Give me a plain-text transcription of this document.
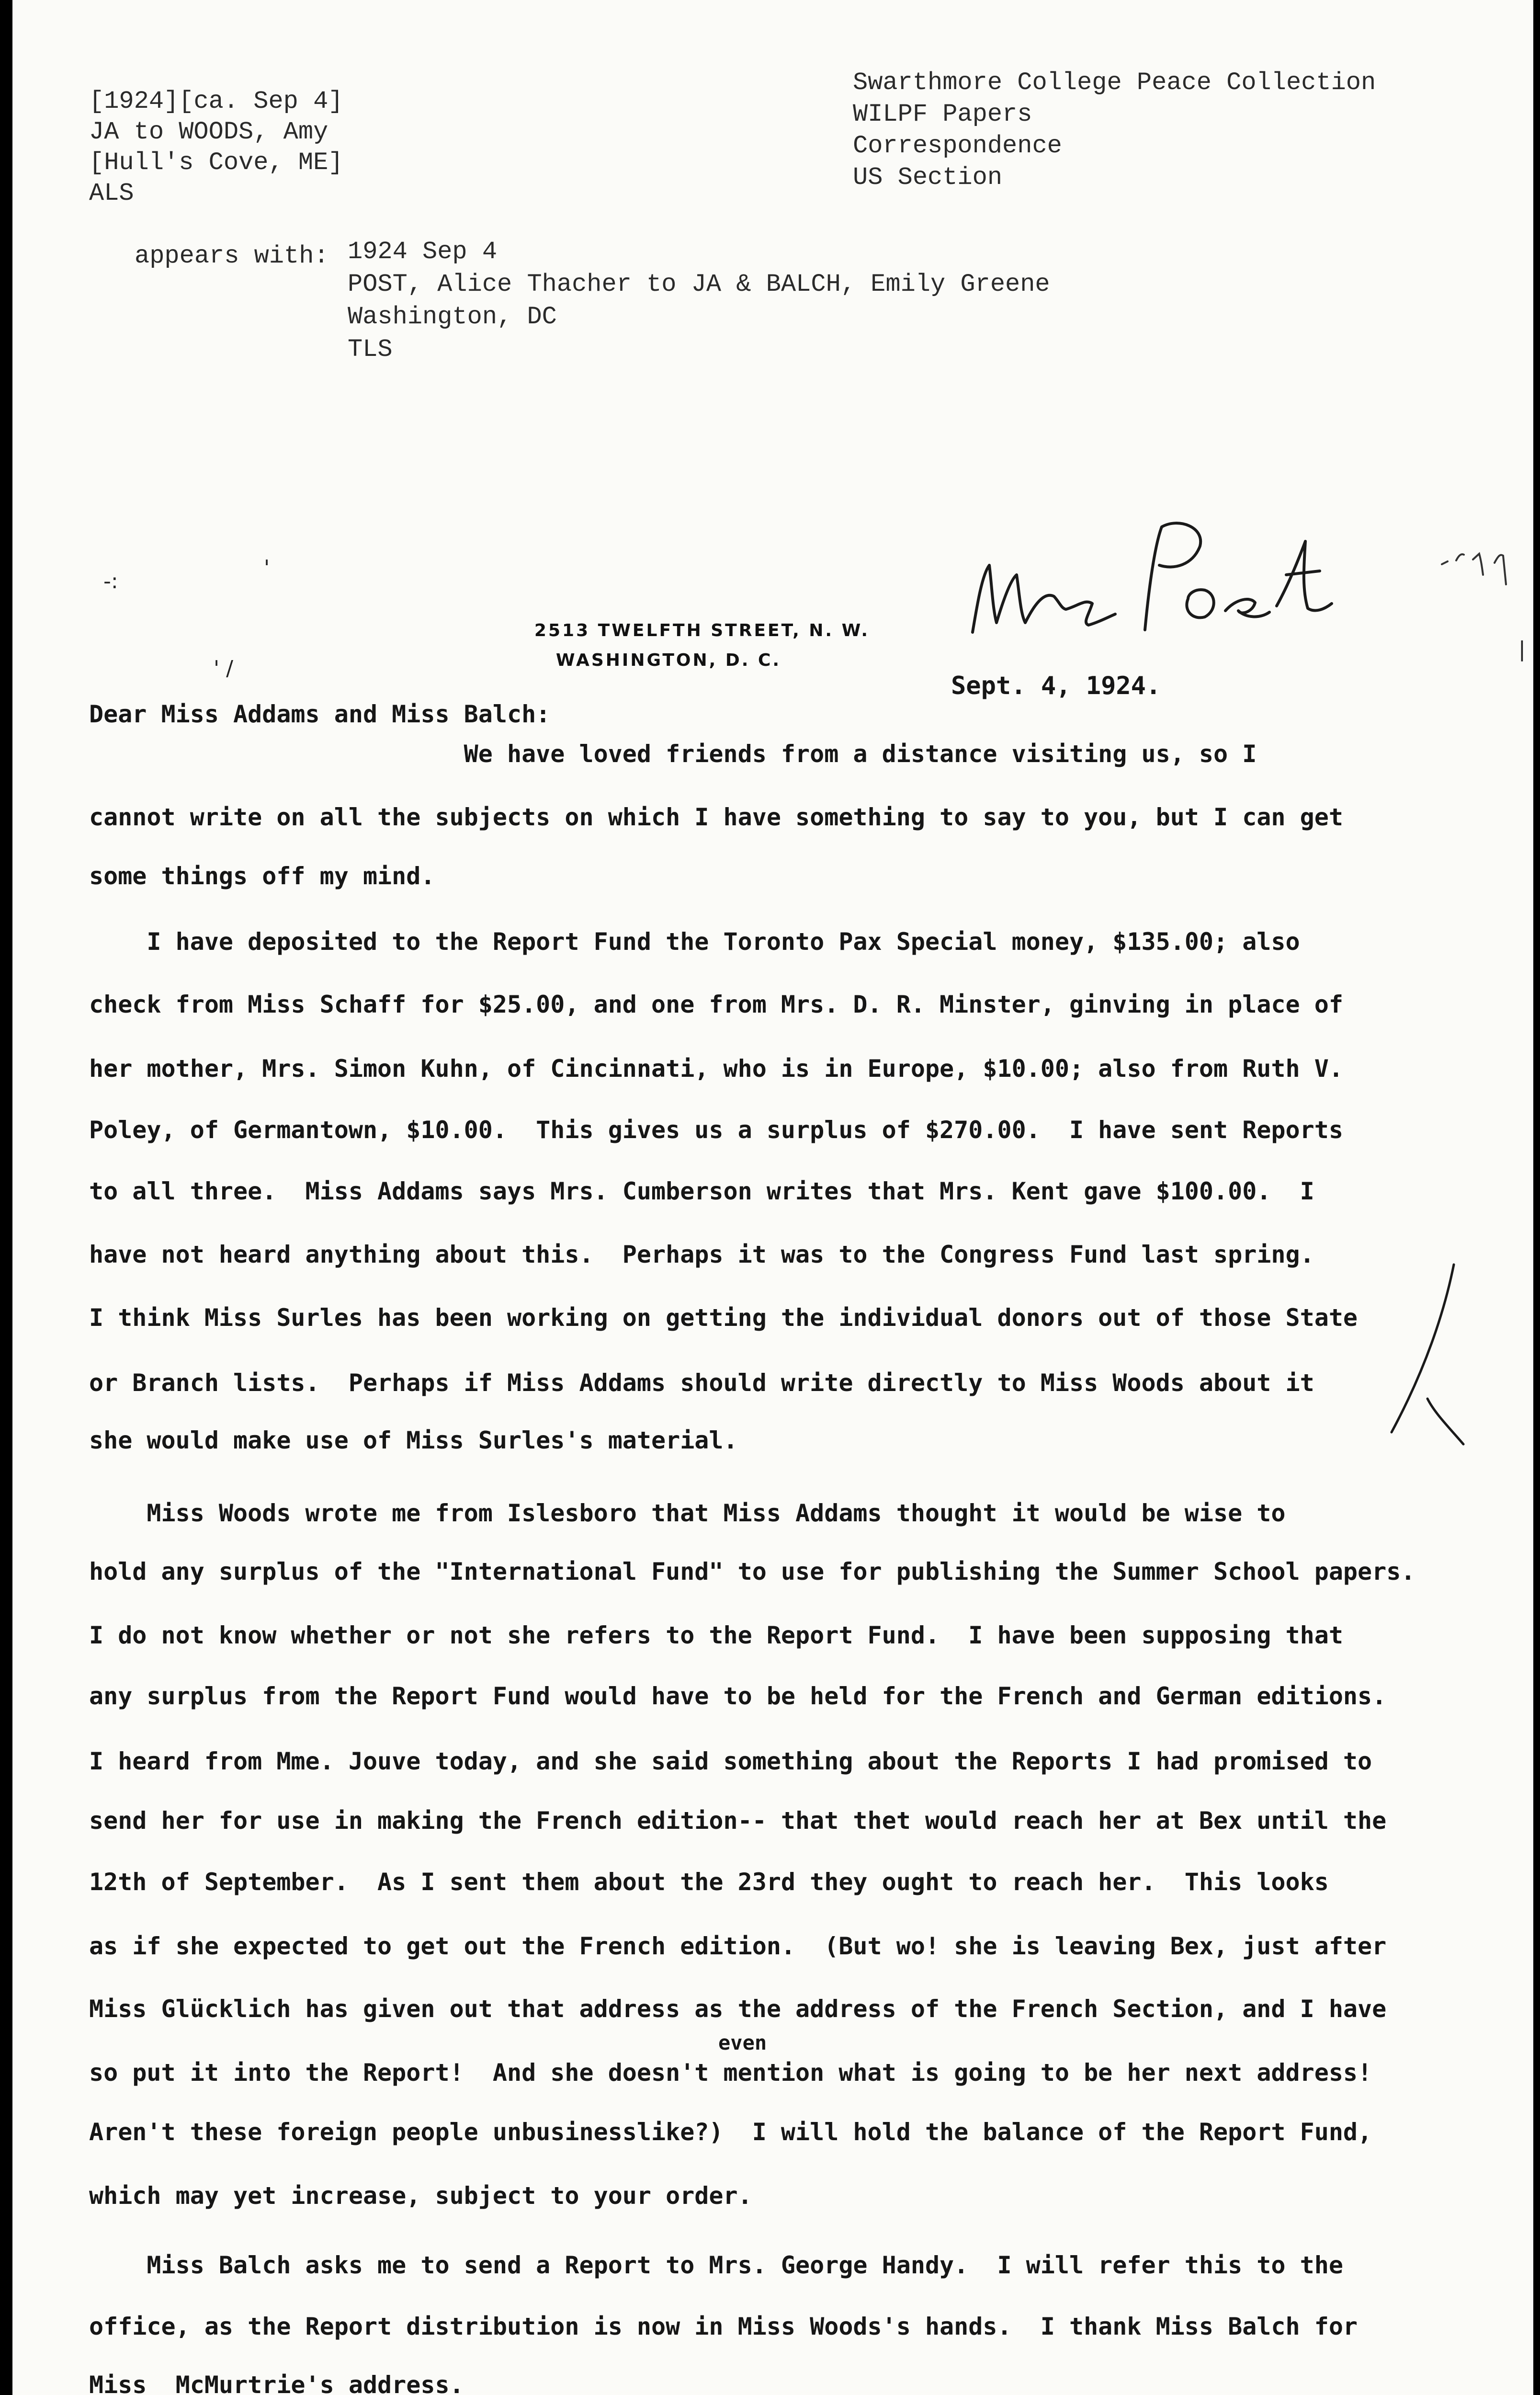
[1924][ca. Sep 4]
JA to WOODS, Amy
[Hull's Cove, ME]
ALS
Swarthmore College Peace Collection
WILPF Papers
Correspondence
US Section
appears with: 1924 Sep 4
POST, Alice Thacher to JA & BALCH, Emily Greene
Washington, DC
TLS
2513 TWELFTH STREET, N. W.
WASHINGTON, D. C.
Sept. 4, 1924.
Dear Miss Addams and Miss Balch:
We have loved friends from a distance visiting us, so I
cannot write on all the subjects on which I have something to say to you, but I can get
some things off my mind.
I have deposited to the Report Fund the Toronto Pax Special money, $135.00; also
check from Miss Schaff for $25.00, and one from Mrs. D. R. Minster, ginving in place of
her mother, Mrs. Simon Kuhn, of Cincinnati, who is in Europe, $10.00; also from Ruth V.
Poley, of Germantown, $10.00.  This gives us a surplus of $270.00.  I have sent Reports
to all three.  Miss Addams says Mrs. Cumberson writes that Mrs. Kent gave $100.00.  I
have not heard anything about this.  Perhaps it was to the Congress Fund last spring.
I think Miss Surles has been working on getting the individual donors out of those State
or Branch lists.  Perhaps if Miss Addams should write directly to Miss Woods about it
she would make use of Miss Surles's material.
Miss Woods wrote me from Islesboro that Miss Addams thought it would be wise to
hold any surplus of the "International Fund" to use for publishing the Summer School papers.
I do not know whether or not she refers to the Report Fund.  I have been supposing that
any surplus from the Report Fund would have to be held for the French and German editions.
I heard from Mme. Jouve today, and she said something about the Reports I had promised to
send her for use in making the French edition-- that thet would reach her at Bex until the
12th of September.  As I sent them about the 23rd they ought to reach her.  This looks
as if she expected to get out the French edition.  (But wo! she is leaving Bex, just after
Miss Glücklich has given out that address as the address of the French Section, and I have
even
so put it into the Report!  And she doesn't mention what is going to be her next address!
Aren't these foreign people unbusinesslike?)  I will hold the balance of the Report Fund,
which may yet increase, subject to your order.
Miss Balch asks me to send a Report to Mrs. George Handy.  I will refer this to the
office, as the Report distribution is now in Miss Woods's hands.  I thank Miss Balch for
Miss  McMurtrie's address.
-:
'
' /
|
